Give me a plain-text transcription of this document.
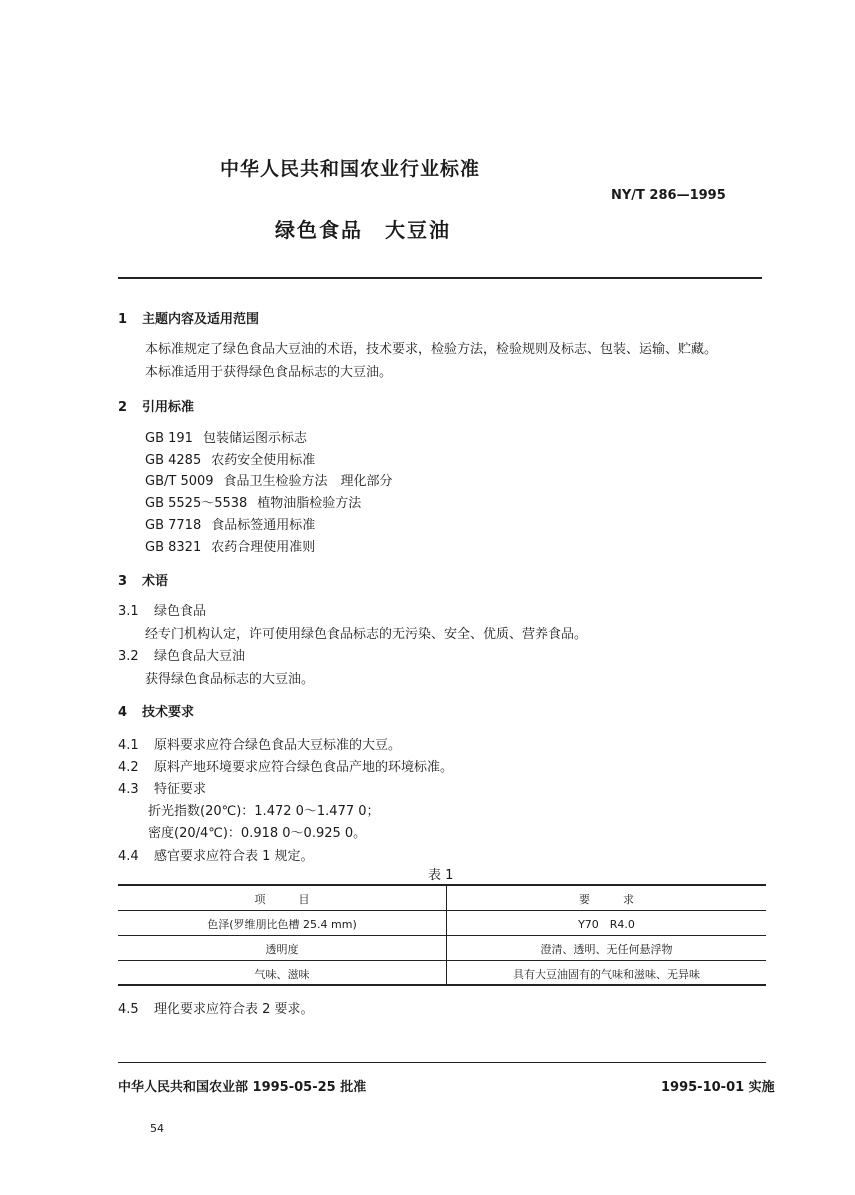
中华人民共和国农业行业标准
NY/T 286—1995
绿色食品 大豆油
1 主题内容及适用范围
本标准规定了绿色食品大豆油的术语，技术要求，检验方法，检验规则及标志、包装、运输、贮藏。
本标准适用于获得绿色食品标志的大豆油。
2 引用标准
GB 191 包装储运图示标志
GB 4285 农药安全使用标准
GB/T 5009 食品卫生检验方法　理化部分
GB 5525～5538 植物油脂检验方法
GB 7718 食品标签通用标准
GB 8321 农药合理使用准则
3 术语
3.1 绿色食品
经专门机构认定，许可使用绿色食品标志的无污染、安全、优质、营养食品。
3.2 绿色食品大豆油
获得绿色食品标志的大豆油。
4 技术要求
4.1 原料要求应符合绿色食品大豆标准的大豆。
4.2 原料产地环境要求应符合绿色食品产地的环境标准。
4.3 特征要求
折光指数(20℃)：1.472 0～1.477 0；
密度(20/4℃)：0.918 0～0.925 0。
4.4 感官要求应符合表 1 规定。
表 1
项　　　目	要　　　求
色泽(罗维朋比色槽 25.4 mm)	Y70　R4.0
透明度	澄清、透明、无任何悬浮物
气味、滋味	具有大豆油固有的气味和滋味、无异味
4.5 理化要求应符合表 2 要求。
中华人民共和国农业部 1995-05-25 批准	1995-10-01 实施
54
